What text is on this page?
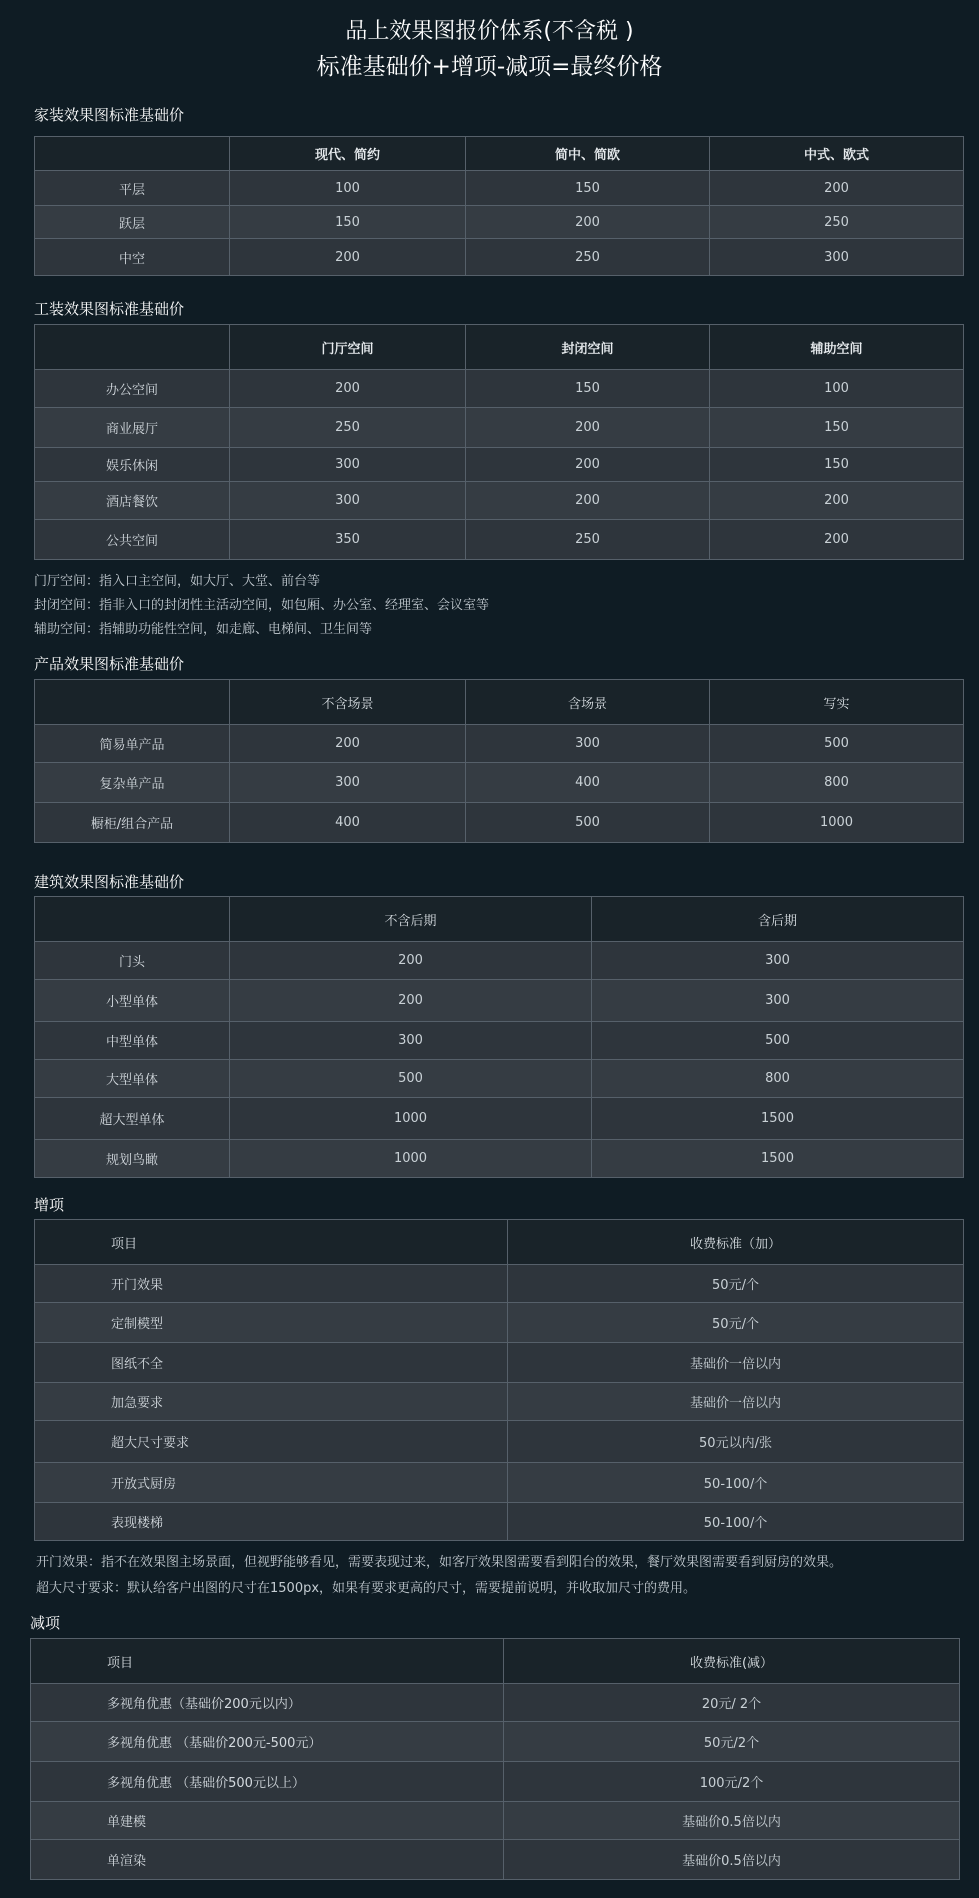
品上效果图报价体系(不含税 )
标准基础价+增项-减项=最终价格
家装效果图标准基础价
	现代、简约	简中、简欧	中式、欧式
平层	100	150	200
跃层	150	200	250
中空	200	250	300
工装效果图标准基础价
	门厅空间	封闭空间	辅助空间
办公空间	200	150	100
商业展厅	250	200	150
娱乐休闲	300	200	150
酒店餐饮	300	200	200
公共空间	350	250	200
门厅空间：指入口主空间，如大厅、大堂、前台等
封闭空间：指非入口的封闭性主活动空间，如包厢、办公室、经理室、会议室等
辅助空间：指辅助功能性空间，如走廊、电梯间、卫生间等
产品效果图标准基础价
	不含场景	含场景	写实
简易单产品	200	300	500
复杂单产品	300	400	800
橱柜/组合产品	400	500	1000
建筑效果图标准基础价
	不含后期	含后期
门头	200	300
小型单体	200	300
中型单体	300	500
大型单体	500	800
超大型单体	1000	1500
规划鸟瞰	1000	1500
增项
项目	收费标准（加）
开门效果	50元/个
定制模型	50元/个
图纸不全	基础价一倍以内
加急要求	基础价一倍以内
超大尺寸要求	50元以内/张
开放式厨房	50-100/个
表现楼梯	50-100/个
开门效果：指不在效果图主场景面，但视野能够看见，需要表现过来，如客厅效果图需要看到阳台的效果，餐厅效果图需要看到厨房的效果。
超大尺寸要求：默认给客户出图的尺寸在1500px，如果有要求更高的尺寸，需要提前说明，并收取加尺寸的费用。
减项
项目	收费标准(减）
多视角优惠（基础价200元以内）	20元/ 2个
多视角优惠 （基础价200元-500元）	50元/2个
多视角优惠 （基础价500元以上）	100元/2个
单建模	基础价0.5倍以内
单渲染	基础价0.5倍以内
